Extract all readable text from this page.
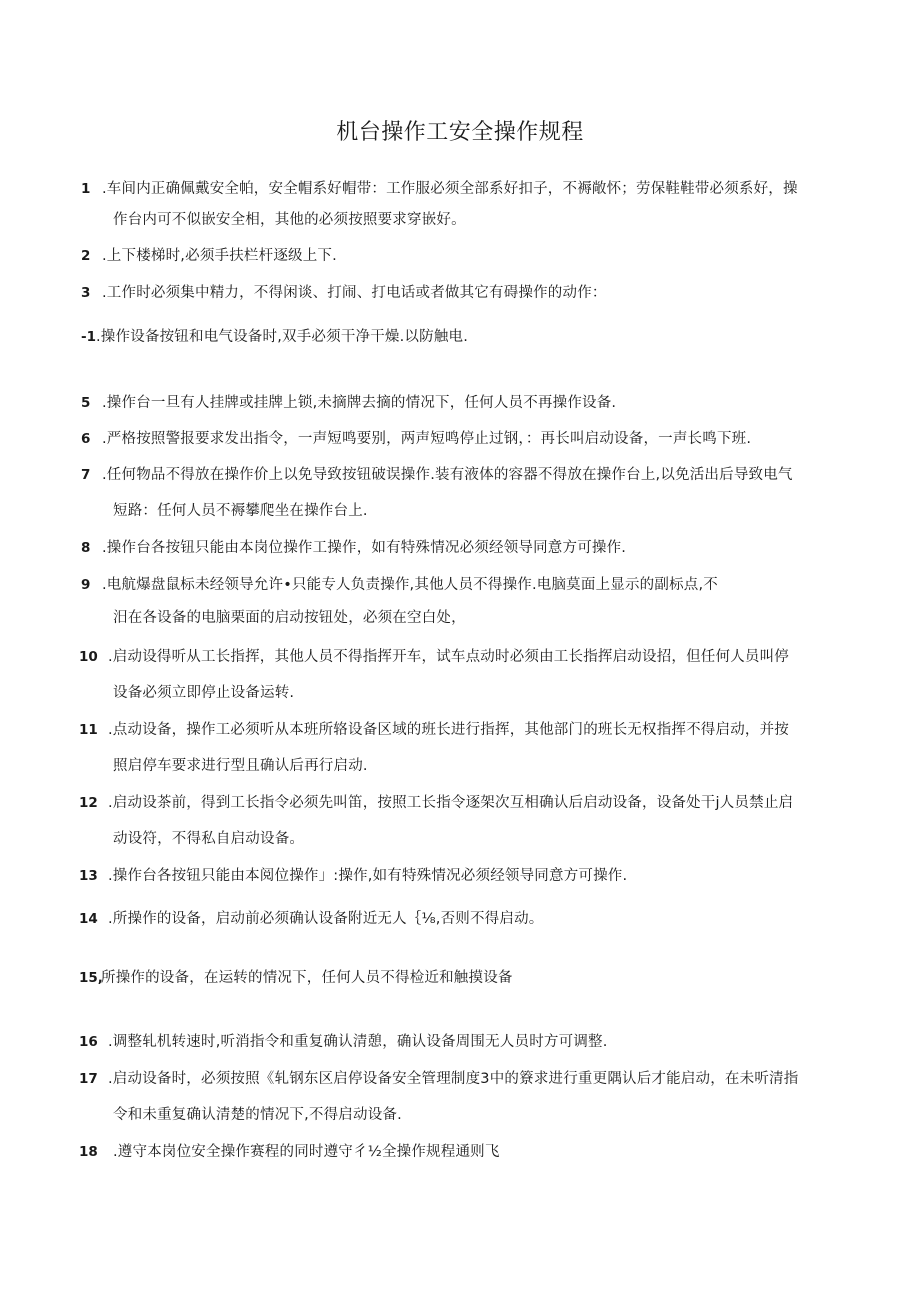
机台操作工安全操作规程
1 .车间内正确佩戴安全帕，安全帽系好帽带：工作服必须全部系好扣子，不褥敞怀；劳保鞋鞋带必须系好，操
作台内可不似嵌安全相，其他的必须按照要求穿嵌好。
2 .上下楼梯时,必须手扶栏杆逐级上下.
3 .工作时必须集中精力，不得闲谈、打闹、打电话或者做其它有碍操作的动作：
-1 .操作设备按钮和电气设备时,双手必须干净干燥.以防触电.
5 .操作台一旦有人挂牌或挂牌上锁,未摘牌去摘的情况下，任何人员不再操作设备.
6 .严格按照警报要求发出指令，一声短鸣要别，两声短鸣停止过钢，：再长叫启动设备，一声长鸣下班.
7 .任何物品不得放在操作价上以免导致按钮破误操作.装有液体的容器不得放在操作台上,以免活出后导致电气
短路：任何人员不褥攀爬坐在操作台上.
8 .操作台各按钮只能由本岗位操作工操作，如有特殊情况必须经领导同意方可操作.
9 .电航爆盘鼠标未经领导允许•只能专人负责操作,其他人员不得操作.电脑莫面上显示的副标点,不
汨在各设备的电脑栗面的启动按钮处，必须在空白处，
10 .启动设得听从工长指挥，其他人员不得指挥开车，试车点动时必须由工长指挥启动设招，但任何人员叫停
设备必须立即停止设备运转.
11 .点动设备，操作工必须听从本班所辂设备区域的班长进行指挥，其他部门的班长无权指挥不得启动，并按
照启停车要求进行型且确认后再行启动.
12 .启动设茶前，得到工长指令必须先叫笛，按照工长指令逐架次互相确认后启动设备，设备处干j人员禁止启
动设符，不得私自启动设备。
13 .操作台各按钮只能由本阅位操作」:操作,如有特殊情况必须经领导同意方可操作.
14 .所操作的设备，启动前必须确认设备附近无人｛⅛,否则不得启动。
15,
所操作的设备，在运转的情况下，任何人员不得检近和触摸设备
16 .调整轧机转速时,听消指令和重复确认清憩，确认设备周围无人员时方可调整.
17 .启动设备时，必须按照《轧钢东区启停设备安全管理制度3中的簝求进行重更隅认后才能启动，在未听清指
令和未重复确认清楚的情况下,不得启动设备.
18 .遵守本岗位安全操作赛程的同时遵守彳½全操作规程通则飞
